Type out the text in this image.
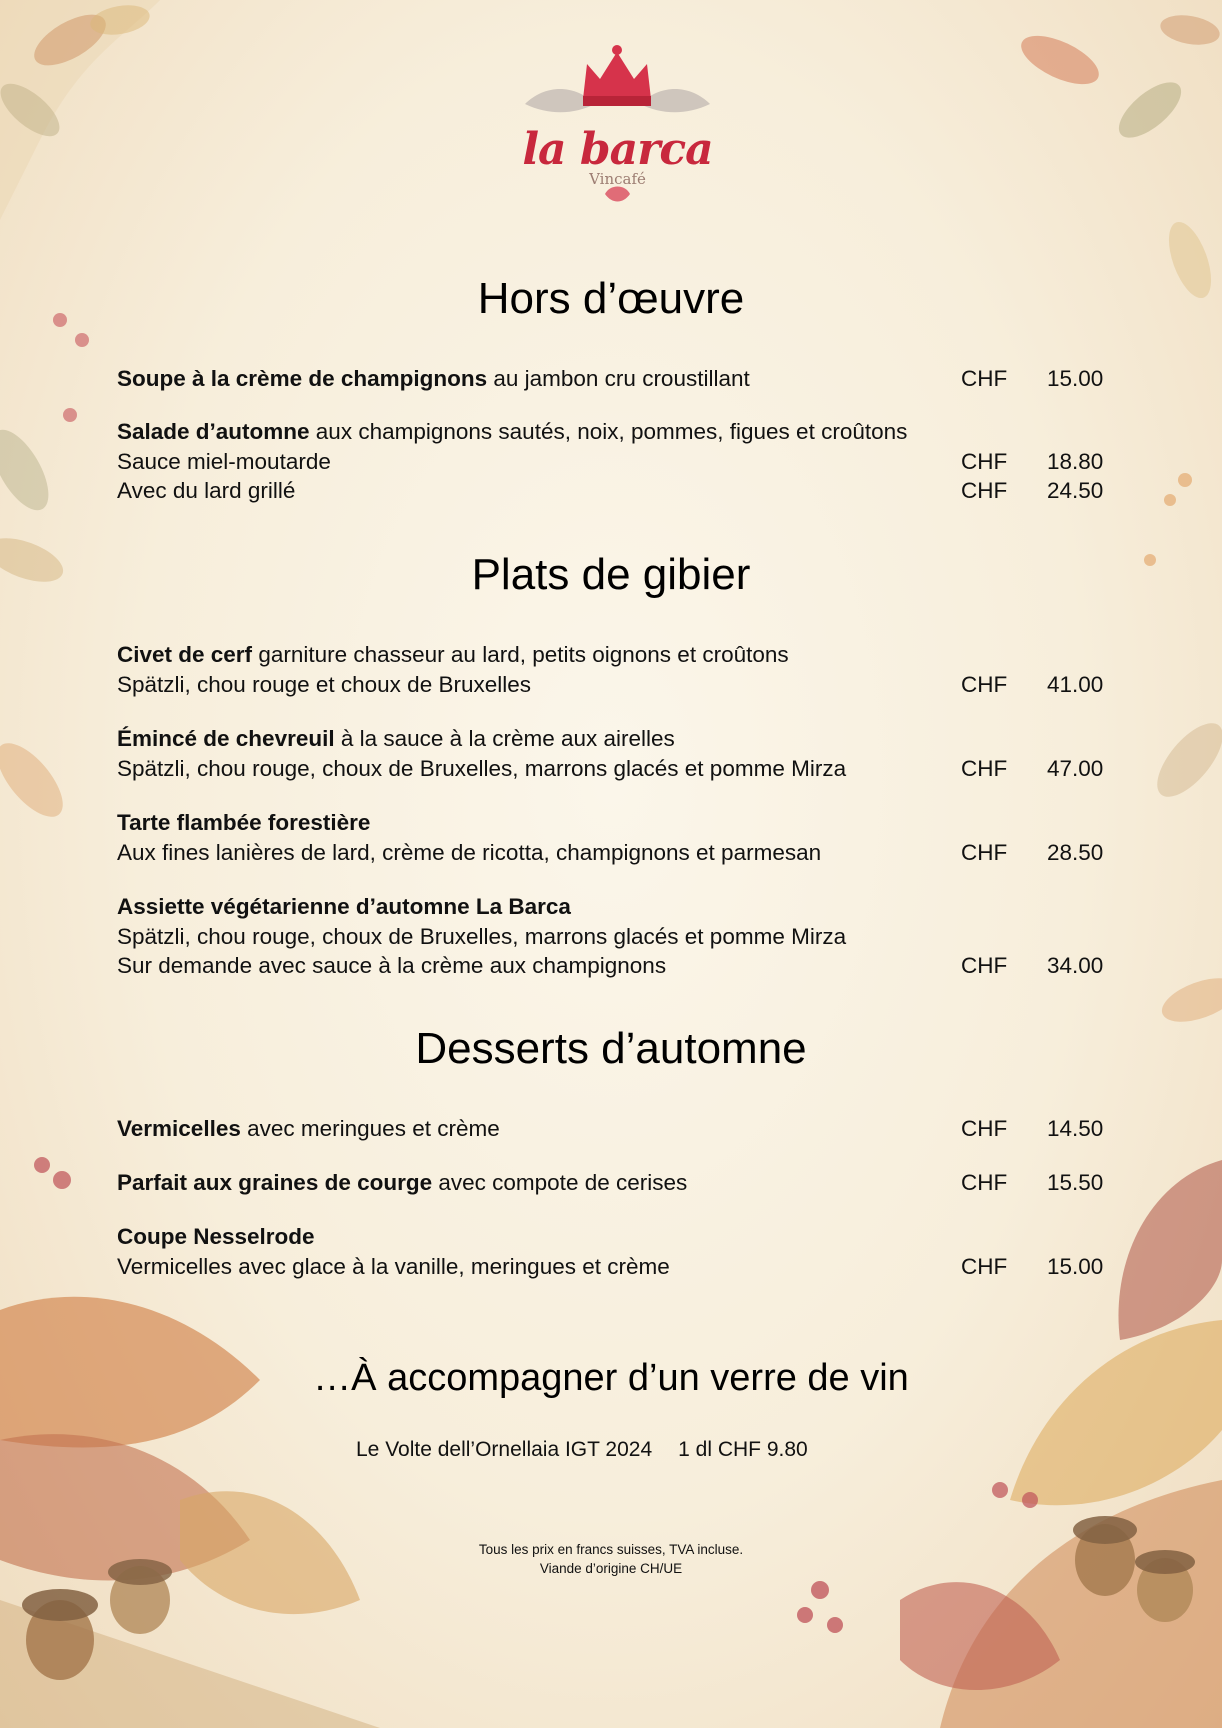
la barca
Vincafé
Hors d’œuvre
Soupe à la crème de champignons au jambon cru croustillant	CHF 15.00
Salade d’automne aux champignons sautés, noix, pommes, figues et croûtons
Sauce miel-moutarde	CHF 18.80
Avec du lard grillé	CHF 24.50
Plats de gibier
Civet de cerf garniture chasseur au lard, petits oignons et croûtons
Spätzli, chou rouge et choux de Bruxelles	CHF 41.00
Émincé de chevreuil à la sauce à la crème aux airelles
Spätzli, chou rouge, choux de Bruxelles, marrons glacés et pomme Mirza	CHF 47.00
Tarte flambée forestière
Aux fines lanières de lard, crème de ricotta, champignons et parmesan	CHF 28.50
Assiette végétarienne d’automne La Barca
Spätzli, chou rouge, choux de Bruxelles, marrons glacés et pomme Mirza
Sur demande avec sauce à la crème aux champignons	CHF 34.00
Desserts d’automne
Vermicelles avec meringues et crème	CHF 14.50
Parfait aux graines de courge avec compote de cerises	CHF 15.50
Coupe Nesselrode
Vermicelles avec glace à la vanille, meringues et crème	CHF 15.00
…À accompagner d’un verre de vin
Le Volte dell’Ornellaia IGT 2024 1 dl CHF 9.80
Tous les prix en francs suisses, TVA incluse.
Viande d’origine CH/UE
